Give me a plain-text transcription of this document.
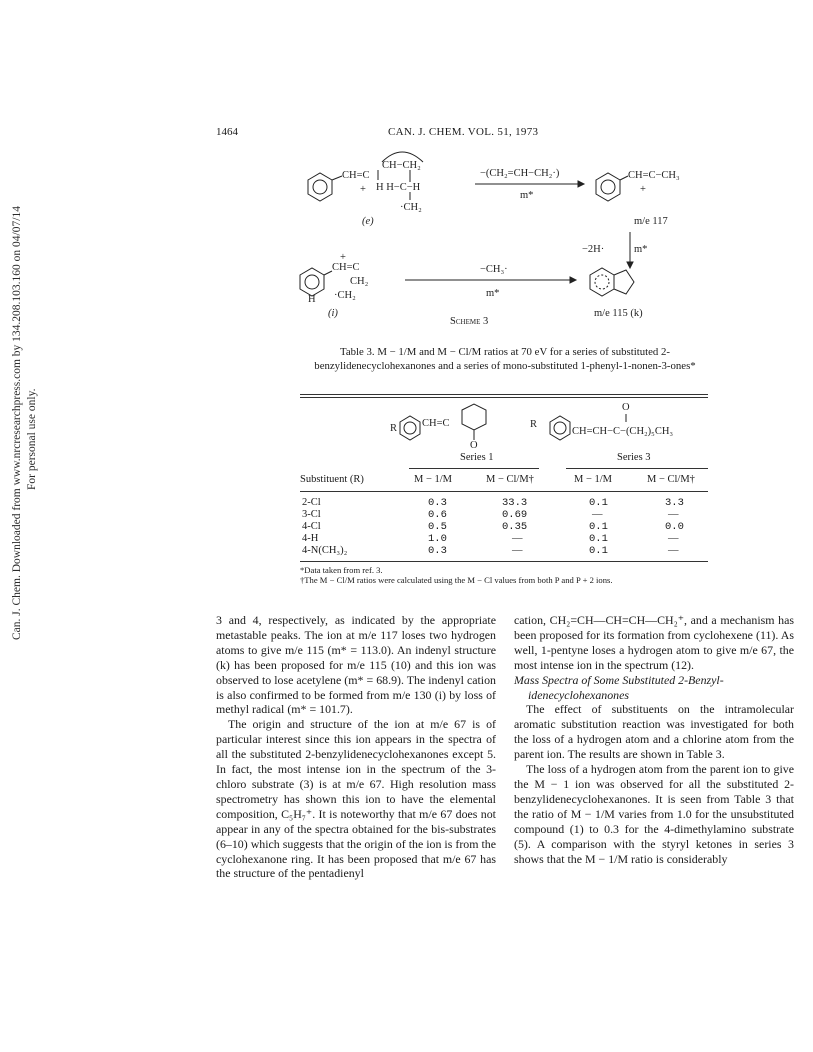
Can. J. Chem. Downloaded from www.nrcresearchpress.com by 134.208.103.160 on 04/07/14 For personal use only.
1464	CAN. J. CHEM. VOL. 51, 1973
CH=C
+
CH−CH₂
H H−C−H
·CH₂
(e)
−(CH₂=CH−CH₂·)
m*
CH=C−CH₃
+
m/e 117
−2H·	m*
+
CH=C
CH₂
H ·CH₂
(i)
−CH₃·
m*
m/e 115 (k)
Scheme 3
Table 3. M − 1/M and M − Cl/M ratios at 70 eV for a series of substituted 2-benzylidenecyclohexanones and a series of mono-substituted 1-phenyl-1-nonen-3-ones*
R CH=C
O
R
O
CH=CH−C−(CH₂)₅CH₃
Series 1	Series 3
Substituent (R)	M − 1/M	M − Cl/M†	M − 1/M	M − Cl/M†
2-Cl	0.3	33.3	0.1	3.3
3-Cl	0.6	0.69	—	—
4-Cl	0.5	0.35	0.1	0.0
4-H	1.0	—	0.1	—
4-N(CH₃)₂	0.3	—	0.1	—
*Data taken from ref. 3.
†The M − Cl/M ratios were calculated using the M − Cl values from both P and P + 2 ions.

3 and 4, respectively, as indicated by the appropriate metastable peaks. The ion at m/e 117 loses two hydrogen atoms to give m/e 115 (m* = 113.0). An indenyl structure (k) has been proposed for m/e 115 (10) and this ion was observed to lose acetylene (m* = 68.9). The indenyl cation is also confirmed to be formed from m/e 130 (i) by loss of methyl radical (m* = 101.7).

The origin and structure of the ion at m/e 67 is of particular interest since this ion appears in the spectra of all the substituted 2-benzylidenecyclohexanones except 5. In fact, the most intense ion in the spectrum of the 3-chloro substrate (3) is at m/e 67. High resolution mass spectrometry has shown this ion to have the elemental composition, C₅H₇⁺. It is noteworthy that m/e 67 does not appear in any of the spectra obtained for the bis-substrates (6–10) which suggests that the origin of the ion is from the cyclohexanone ring. It has been proposed that m/e 67 has the structure of the pentadienyl

cation, CH₂=CH—CH=CH—CH₂⁺, and a mechanism has been proposed for its formation from cyclohexene (11). As well, 1-pentyne loses a hydrogen atom to give m/e 67, the most intense ion in the spectrum (12).

Mass Spectra of Some Substituted 2-Benzyl-

idenecyclohexanones

The effect of substituents on the intramolecular aromatic substitution reaction was investigated for both the loss of a hydrogen atom and a chlorine atom from the parent ion. The results are shown in Table 3.

The loss of a hydrogen atom from the parent ion to give the M − 1 ion was observed for all the substituted 2-benzylidenecyclohexanones. It is seen from Table 3 that the ratio of M − 1/M varies from 1.0 for the unsubstituted compound (1) to 0.3 for the 4-dimethylamino substrate (5). A comparison with the styryl ketones in series 3 shows that the M − 1/M ratio is considerably
